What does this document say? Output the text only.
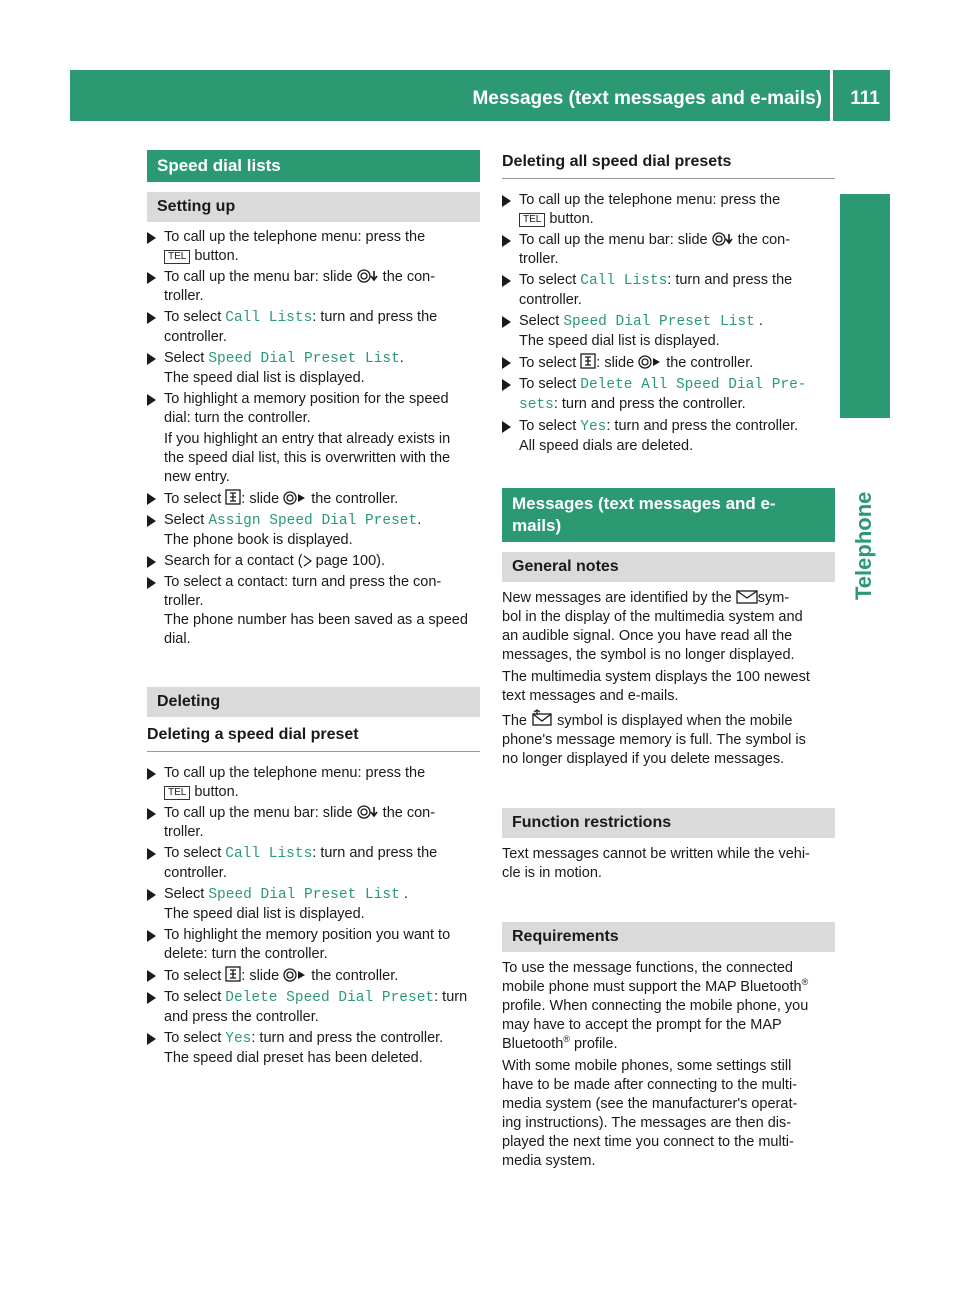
Messages (text messages and e-mails)	111
Telephone
Speed dial lists
Setting up

To call up the telephone menu: press the

TEL button.

To call up the menu bar: slide the con-

troller.

To select Call Lists: turn and press the

controller.

Select Speed Dial Preset List.

The speed dial list is displayed.

To highlight a memory position for the speed

dial: turn the controller.

If you highlight an entry that already exists in

the speed dial list, this is overwritten with the

new entry.

To select : slide the controller.

Select Assign Speed Dial Preset.

The phone book is displayed.

Search for a contact ( page 100).

To select a contact: turn and press the con-

troller.

The phone number has been saved as a speed

dial.

Deleting
Deleting a speed dial preset

To call up the telephone menu: press the

TEL button.

To call up the menu bar: slide the con-

troller.

To select Call Lists: turn and press the

controller.

Select Speed Dial Preset List .

The speed dial list is displayed.

To highlight the memory position you want to

delete: turn the controller.

To select : slide the controller.

To select Delete Speed Dial Preset: turn

and press the controller.

To select Yes: turn and press the controller.

The speed dial preset has been deleted.

Deleting all speed dial presets

To call up the telephone menu: press the

TEL button.

To call up the menu bar: slide the con-

troller.

To select Call Lists: turn and press the

controller.

Select Speed Dial Preset List .

The speed dial list is displayed.

To select : slide the controller.

To select Delete All Speed Dial Pre‐

sets: turn and press the controller.

To select Yes: turn and press the controller.

All speed dials are deleted.

Messages (text messages and e-
mails)
General notes
New messages are identified by the sym-
bol in the display of the multimedia system and
an audible signal. Once you have read all the
messages, the symbol is no longer displayed.
The multimedia system displays the 100 newest
text messages and e-mails.
The symbol is displayed when the mobile
phone's message memory is full. The symbol is
no longer displayed if you delete messages.
Function restrictions
Text messages cannot be written while the vehi-
cle is in motion.
Requirements
To use the message functions, the connected
mobile phone must support the MAP Bluetooth®
profile. When connecting the mobile phone, you
may have to accept the prompt for the MAP
Bluetooth® profile.
With some mobile phones, some settings still
have to be made after connecting to the multi-
media system (see the manufacturer's operat-
ing instructions). The messages are then dis-
played the next time you connect to the multi-
media system.
